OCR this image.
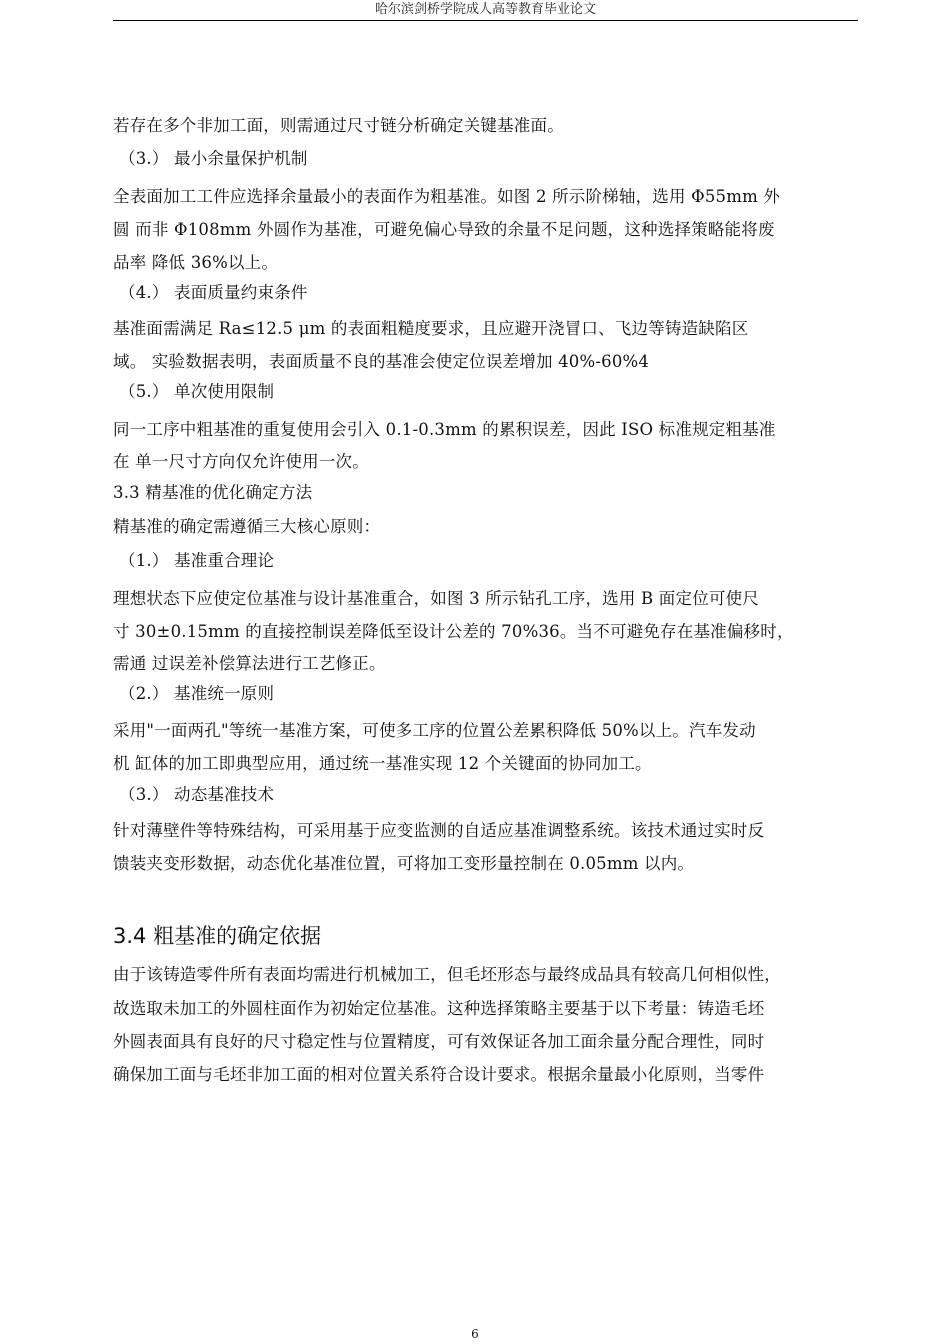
哈尔滨剑桥学院成人高等教育毕业论文
若存在多个非加工面，则需通过尺寸链分析确定关键基准面。
（3.） 最小余量保护机制
全表面加工工件应选择余量最小的表面作为粗基准。如图 2 所示阶梯轴，选用 Φ55mm 外
圆 而非 Φ108mm 外圆作为基准，可避免偏心导致的余量不足问题，这种选择策略能将废
品率 降低 36%以上。
（4.） 表面质量约束条件
基准面需满足 Ra≤12.5 μm 的表面粗糙度要求，且应避开浇冒口、飞边等铸造缺陷区
域。 实验数据表明，表面质量不良的基准会使定位误差增加 40%-60%4
（5.） 单次使用限制
同一工序中粗基准的重复使用会引入 0.1-0.3mm 的累积误差，因此 ISO 标准规定粗基准
在 单一尺寸方向仅允许使用一次。
3.3 精基准的优化确定方法
精基准的确定需遵循三大核心原则：
（1.） 基准重合理论
理想状态下应使定位基准与设计基准重合，如图 3 所示钻孔工序，选用 B 面定位可使尺
寸 30±0.15mm 的直接控制误差降低至设计公差的 70%36。当不可避免存在基准偏移时，
需通 过误差补偿算法进行工艺修正。
（2.） 基准统一原则
采用"一面两孔"等统一基准方案，可使多工序的位置公差累积降低 50%以上。汽车发动
机 缸体的加工即典型应用，通过统一基准实现 12 个关键面的协同加工。
（3.） 动态基准技术
针对薄壁件等特殊结构，可采用基于应变监测的自适应基准调整系统。该技术通过实时反
馈装夹变形数据，动态优化基准位置，可将加工变形量控制在 0.05mm 以内。
3.4 粗基准的确定依据
由于该铸造零件所有表面均需进行机械加工，但毛坯形态与最终成品具有较高几何相似性，
故选取未加工的外圆柱面作为初始定位基准。这种选择策略主要基于以下考量：铸造毛坯
外圆表面具有良好的尺寸稳定性与位置精度，可有效保证各加工面余量分配合理性，同时
确保加工面与毛坯非加工面的相对位置关系符合设计要求。根据余量最小化原则，当零件
6
